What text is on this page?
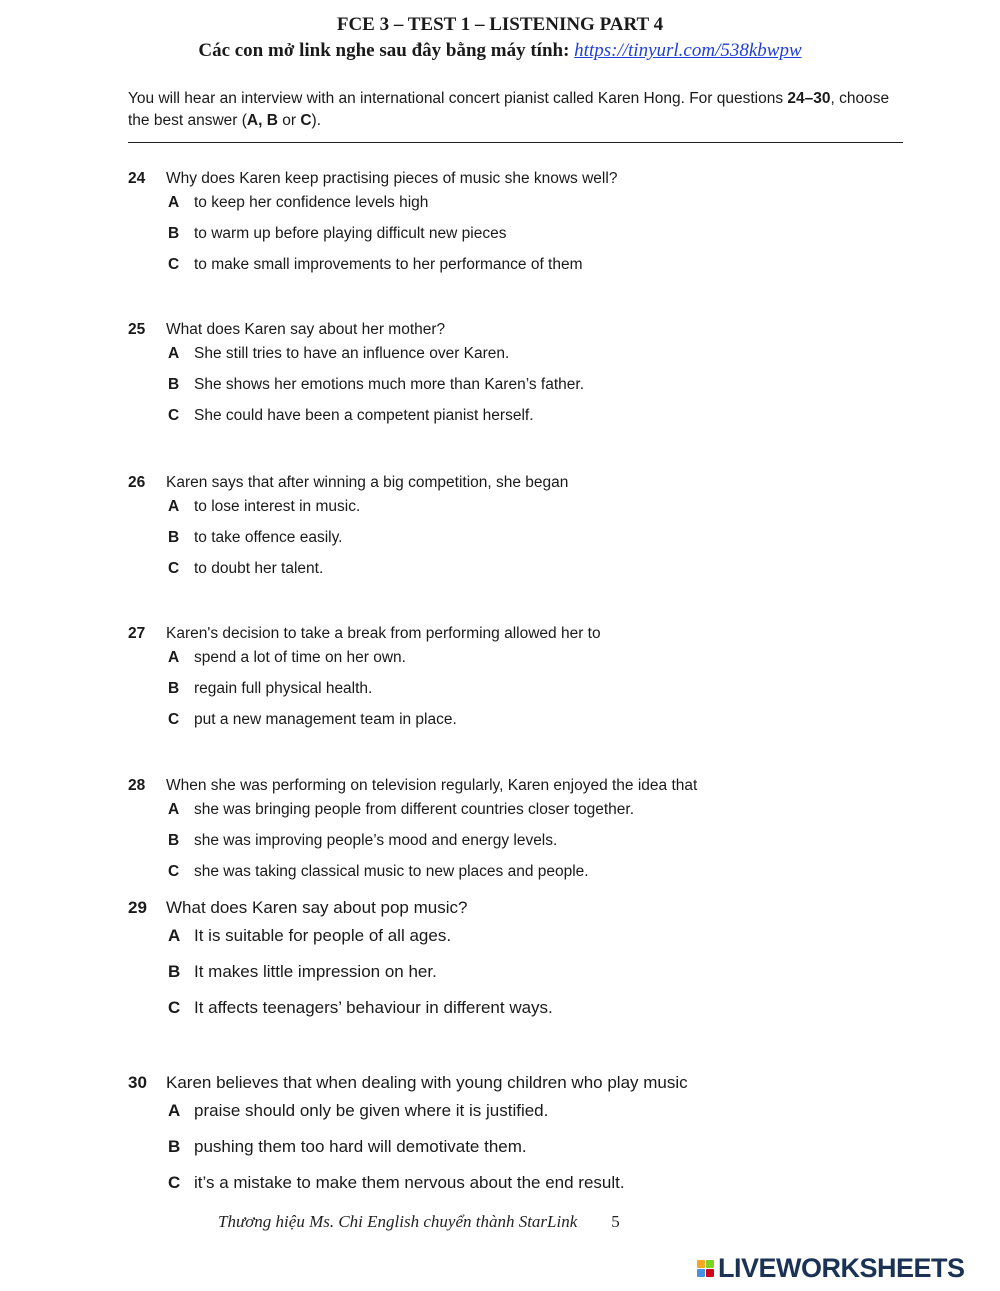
FCE 3 – TEST 1 – LISTENING PART 4
Các con mở link nghe sau đây bằng máy tính: https://tinyurl.com/538kbwpw
You will hear an interview with an international concert pianist called Karen Hong. For questions 24–30, choose the best answer (A, B or C).
24	Why does Karen keep practising pieces of music she knows well?
A to keep her confidence levels high
B to warm up before playing difficult new pieces
C to make small improvements to her performance of them
25	What does Karen say about her mother?
A She still tries to have an influence over Karen.
B She shows her emotions much more than Karen’s father.
C She could have been a competent pianist herself.
26	Karen says that after winning a big competition, she began
A to lose interest in music.
B to take offence easily.
C to doubt her talent.
27	Karen's decision to take a break from performing allowed her to
A spend a lot of time on her own.
B regain full physical health.
C put a new management team in place.
28	When she was performing on television regularly, Karen enjoyed the idea that
A she was bringing people from different countries closer together.
B she was improving people’s mood and energy levels.
C she was taking classical music to new places and people.
29	What does Karen say about pop music?
A It is suitable for people of all ages.
B It makes little impression on her.
C It affects teenagers’ behaviour in different ways.
30	Karen believes that when dealing with young children who play music
A praise should only be given where it is justified.
B pushing them too hard will demotivate them.
C it’s a mistake to make them nervous about the end result.
Thương hiệu Ms. Chi English chuyển thành StarLink 5
LIVEWORKSHEETS
